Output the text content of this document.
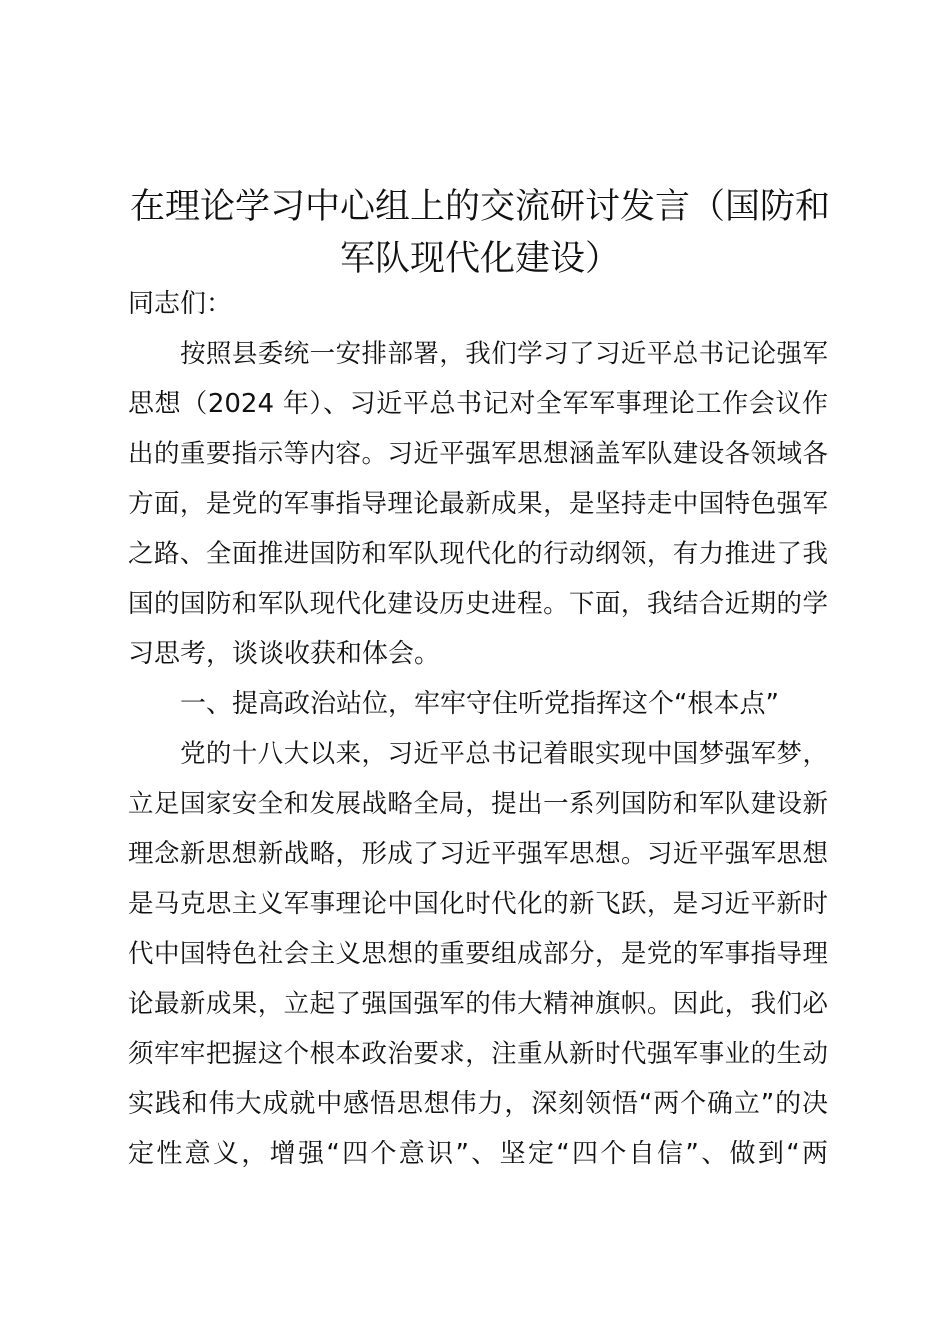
在理论学习中心组上的交流研讨发言（国防和
军队现代化建设）

同志们：

按照县委统一安排部署，我们学习了习近平总书记论强军

思想（2024 年）、习近平总书记对全军军事理论工作会议作

出的重要指示等内容。习近平强军思想涵盖军队建设各领域各

方面，是党的军事指导理论最新成果，是坚持走中国特色强军

之路、全面推进国防和军队现代化的行动纲领，有力推进了我

国的国防和军队现代化建设历史进程。下面，我结合近期的学

习思考，谈谈收获和体会。

一、提高政治站位，牢牢守住听党指挥这个“根本点”

党的十八大以来，习近平总书记着眼实现中国梦强军梦，

立足国家安全和发展战略全局，提出一系列国防和军队建设新

理念新思想新战略，形成了习近平强军思想。习近平强军思想

是马克思主义军事理论中国化时代化的新飞跃，是习近平新时

代中国特色社会主义思想的重要组成部分，是党的军事指导理

论最新成果，立起了强国强军的伟大精神旗帜。因此，我们必

须牢牢把握这个根本政治要求，注重从新时代强军事业的生动

实践和伟大成就中感悟思想伟力，深刻领悟“两个确立”的决

定性意义，增强“四个意识”、坚定“四个自信”、做到“两
